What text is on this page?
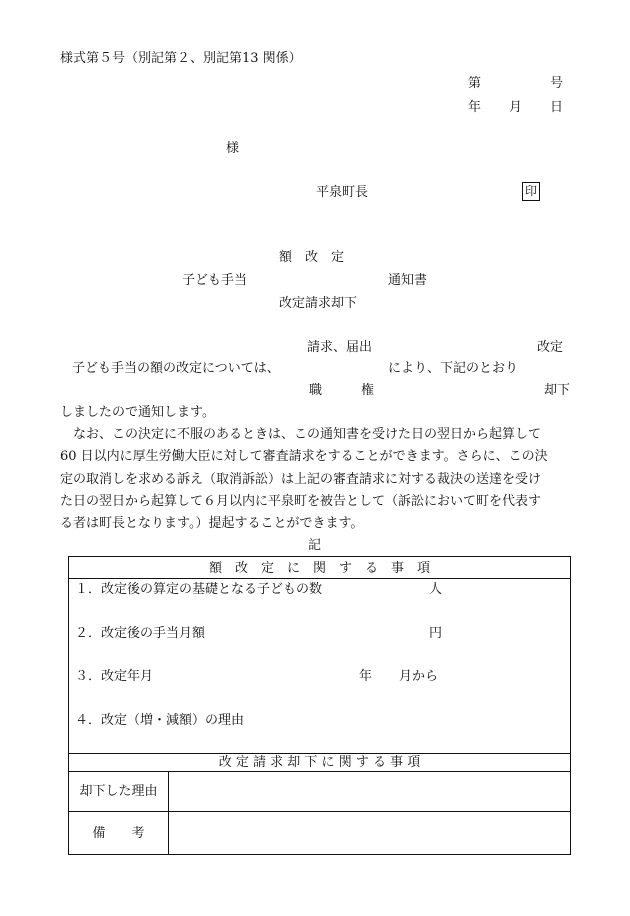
様式第５号（別記第２、別記第13 関係）
第	号
年 月 日
様
平泉町長	印
額　改　定
子ども手当	通知書
改定請求却下
請求、届出	改定
子ども手当の額の改定については、	により、下記のとおり
職　　　権	却下
しましたので通知します。
なお、この決定に不服のあるときは、この通知書を受けた日の翌日から起算して
60 日以内に厚生労働大臣に対して審査請求をすることができます。さらに、この決
定の取消しを求める訴え（取消訴訟）は上記の審査請求に対する裁決の送達を受け
た日の翌日から起算して６月以内に平泉町を被告として（訴訟において町を代表す
る者は町長となります。）提起することができます。
記
額　改　定　に　関　す　る　事　項
１．改定後の算定の基礎となる子どもの数	人
２．改定後の手当月額	円
３．改定年月	年 月から
４．改定（増・減額）の理由
改 定 請 求 却 下 に 関 す る 事 項
却下した理由
備　　考
